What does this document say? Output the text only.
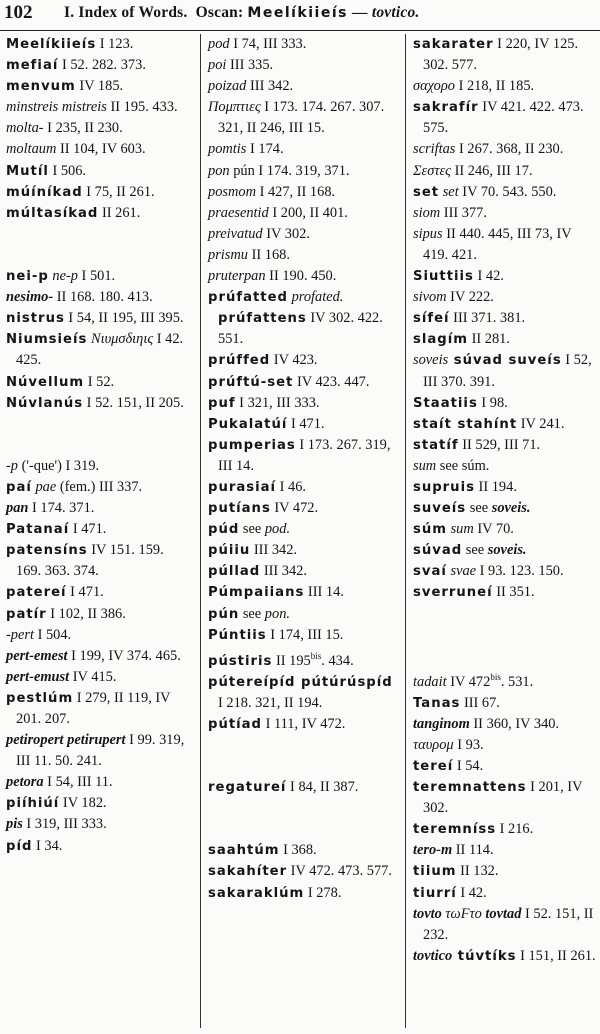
102 I. Index of Words. Oscan: Meelíkiieís — tovtico.
Meelíkiieís I 123.
mefiaí I 52. 282. 373.
menvum IV 185.
minstreis mistreis II 195. 433.
molta- I 235, II 230.
moltaum II 104, IV 603.
Mutíl I 506.
múíníkad I 75, II 261.
múltasíkad II 261.
nei-p ne-p I 501.
nesimo- II 168. 180. 413.
nistrus I 54, II 195, III 395.
Niumsieís Νιυμσδιηις I 42. 425.
Núvellum I 52.
Núvlanús I 52. 151, II 205.
-p ('-que') I 319.
paí pae (fem.) III 337.
pan I 174. 371.
Patanaí I 471.
patensíns IV 151. 159. 169. 363. 374.
patereí I 471.
patír I 102, II 386.
-pert I 504.
pert-emest I 199, IV 374. 465.
pert-emust IV 415.
pestlúm I 279, II 119, IV 201. 207.
petiropert petirupert I 99. 319, III 11. 50. 241.
petora I 54, III 11.
piíhiúí IV 182.
pis I 319, III 333.
píd I 34.
pod I 74, III 333.
poi III 335.
poizad III 342.
Πομπτιες I 173. 174. 267. 307. 321, II 246, III 15.
pomtis I 174.
pon pún I 174. 319, 371.
posmom I 427, II 168.
praesentid I 200, II 401.
preivatud IV 302.
prismu II 168.
pruterpan II 190. 450.
prúfatted profated. prúfattens IV 302. 422. 551.
prúffed IV 423.
prúftú-set IV 423. 447.
puf I 321, III 333.
Pukalatúí I 471.
pumperias I 173. 267. 319, III 14.
purasiaí I 46.
putíans IV 472.
púd see pod.
púiiu III 342.
púllad III 342.
Púmpaiians III 14.
pún see pon.
Púntiis I 174, III 15.
pústiris II $195^{bis}$. 434.
pútereípíd pútúrúspíd I 218. 321, II 194.
pútíad I 111, IV 472.
regatureí I 84, II 387.
saahtúm I 368.
sakahíter IV 472. 473. 577.
sakaraklúm I 278.
sakarater I 220, IV 125. 302. 577.
σαχορο I 218, II 185.
sakrafír IV 421. 422. 473. 575.
scriftas I 267. 368, II 230.
Σεστες II 246, III 17.
set set IV 70. 543. 550.
siom III 377.
sipus II 440. 445, III 73, IV 419. 421.
Siuttiis I 42.
sivom IV 222.
sífeí III 371. 381.
slagím II 281.
soveis súvad suveís I 52, III 370. 391.
Staatiis I 98.
staít stahínt IV 241.
statíf II 529, III 71.
sum see súm.
supruis II 194.
suveís see soveis.
súm sum IV 70.
súvad see soveis.
svaí svae I 93. 123. 150.
sverruneí II 351.
tadait IV $472^{bis}$. 531.
Tanas III 67.
tanginom II 360, IV 340.
ταυρομ I 93.
tereí I 54.
teremnattens I 201, IV 302.
teremníss I 216.
tero-m II 114.
tiium II 132.
tiurrí I 42.
tovto τωϜτο tovtad I 52. 151, II 232.
tovtico túvtíks I 151, II 261.
